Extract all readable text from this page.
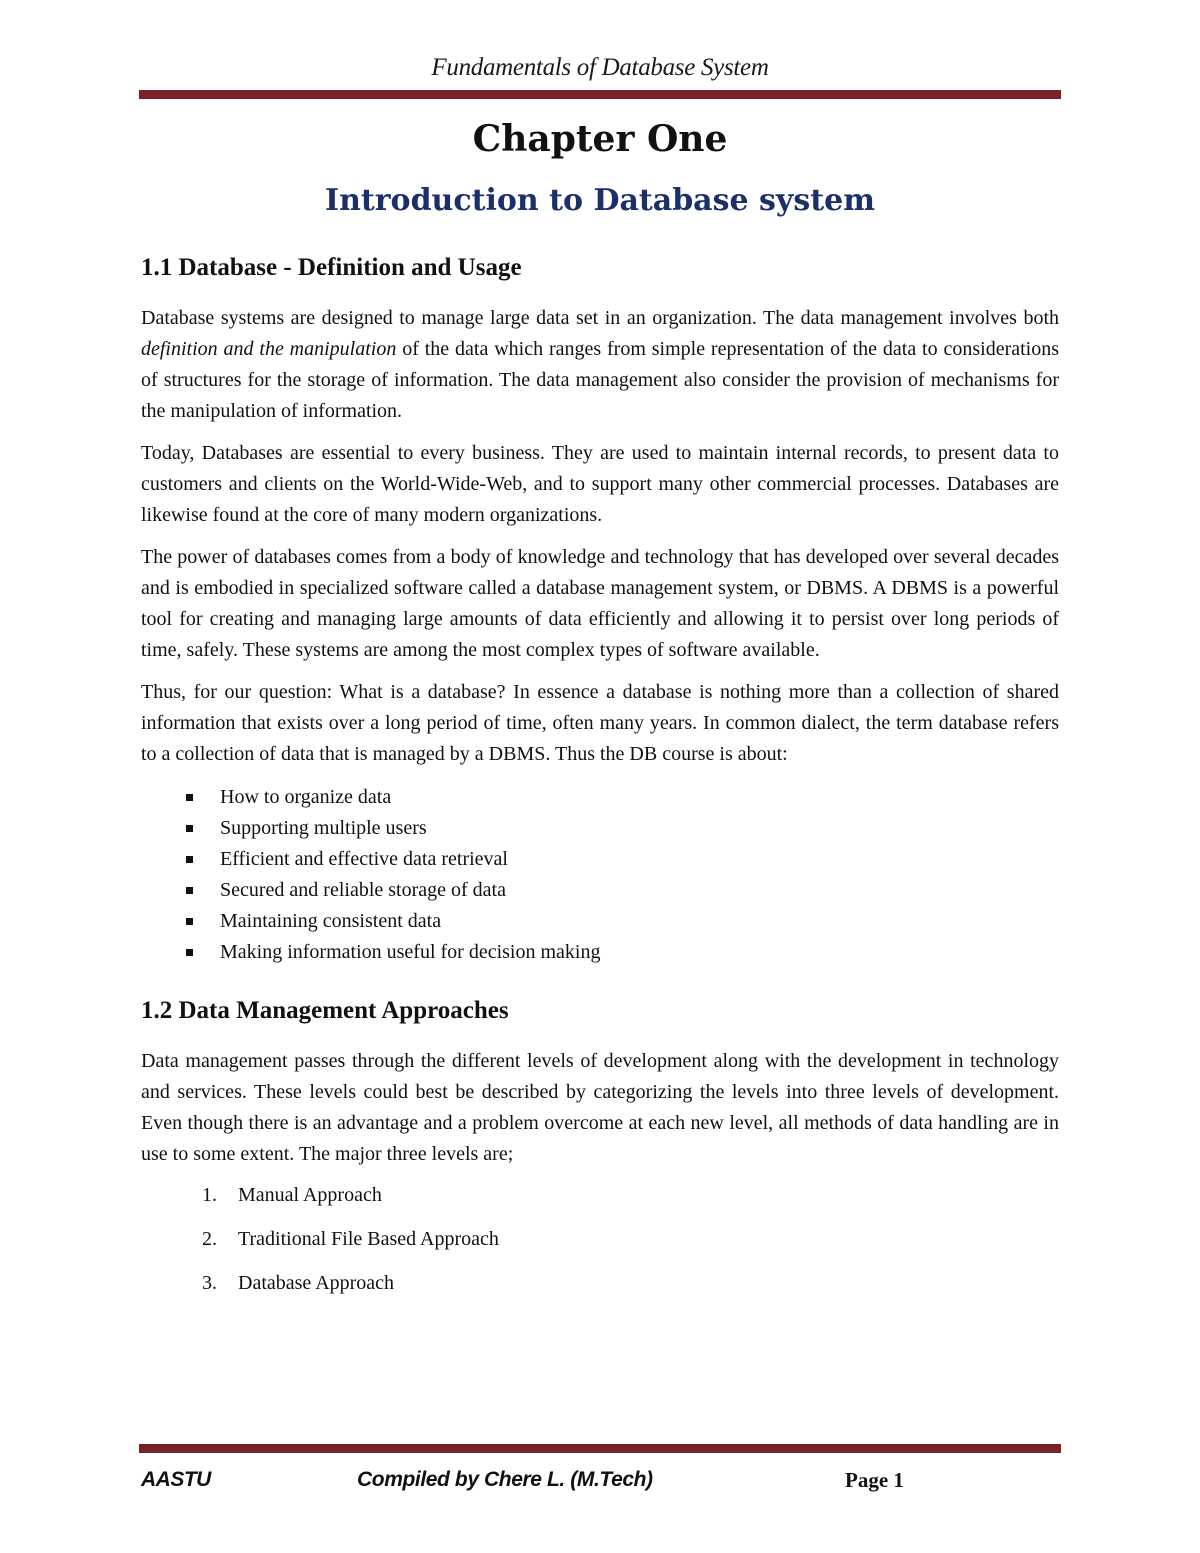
Fundamentals of Database System
Chapter One
Introduction to Database system
1.1 Database - Definition and Usage

Database systems are designed to manage large data set in an organization. The data management involves both definition and the manipulation of the data which ranges from simple representation of the data to considerations of structures for the storage of information. The data management also consider the provision of mechanisms for the manipulation of information.

Today, Databases are essential to every business. They are used to maintain internal records, to present data to customers and clients on the World-Wide-Web, and to support many other commercial processes. Databases are likewise found at the core of many modern organizations.

The power of databases comes from a body of knowledge and technology that has developed over several decades and is embodied in specialized software called a database management system, or DBMS. A DBMS is a powerful tool for creating and managing large amounts of data efficiently and allowing it to persist over long periods of time, safely. These systems are among the most complex types of software available.

Thus, for our question: What is a database? In essence a database is nothing more than a collection of shared information that exists over a long period of time, often many years. In common dialect, the term database refers to a collection of data that is managed by a DBMS. Thus the DB course is about:

How to organize data
Supporting multiple users
Efficient and effective data retrieval
Secured and reliable storage of data
Maintaining consistent data
Making information useful for decision making
1.2 Data Management Approaches

Data management passes through the different levels of development along with the development in technology and services. These levels could best be described by categorizing the levels into three levels of development. Even though there is an advantage and a problem overcome at each new level, all methods of data handling are in use to some extent. The major three levels are;

1. Manual Approach
2. Traditional File Based Approach
3. Database Approach
AASTU	Compiled by Chere L. (M.Tech)	Page 1
